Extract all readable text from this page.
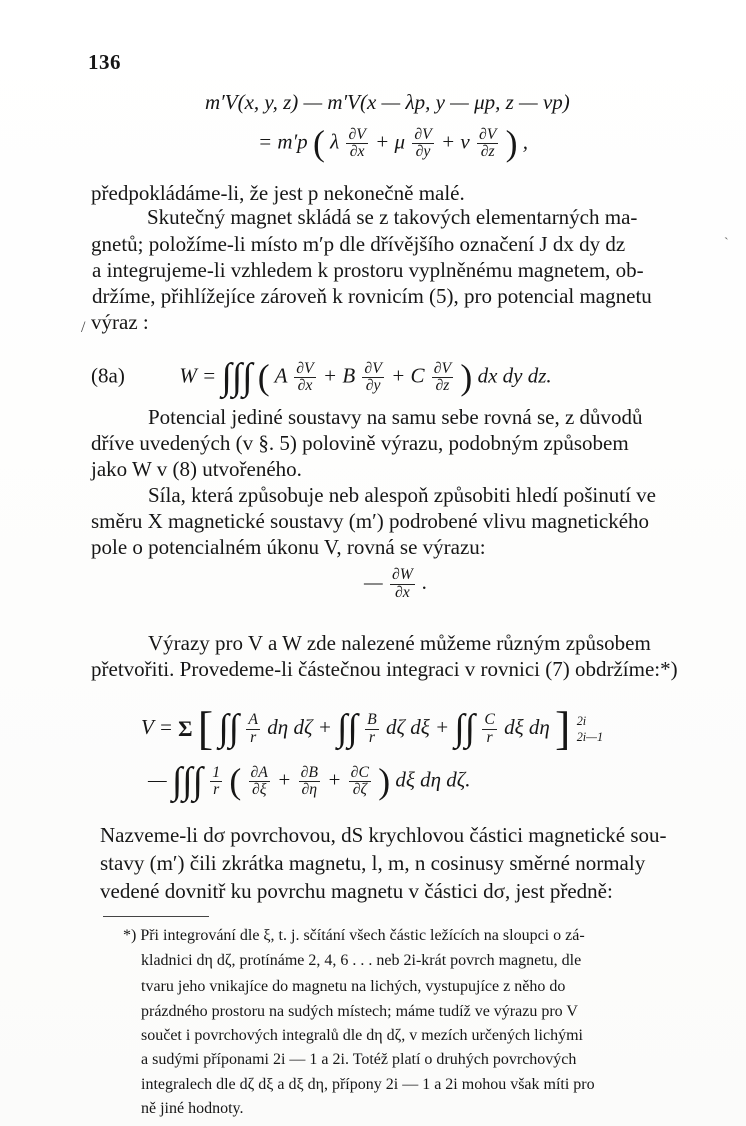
136
m′V(x, y, z) — m′V(x — λp, y — μp, z — νp)
= m′p ( λ $\frac{\partial V}{\partial x} + \mu \frac{\partial V}{\partial y} + \nu \frac{\partial V}{\partial z}$ ) ,
předpokládáme-li, že jest p nekonečně malé.
Skutečný magnet skládá se z takových elementarných ma-
gnetů; položíme-li místo m′p dle dřívějšího označení J dx dy dz
a integrujeme-li vzhledem k prostoru vyplněnému magnetem, ob-
držíme, přihlížejíce zároveň k rovnicím (5), pro potencial magnetu
výraz :
(8a)	W = ∫∫∫ ( A $\frac{\partial V}{\partial x} + B \frac{\partial V}{\partial y} + C \frac{\partial V}{\partial z}$ ) dx dy dz.
Potencial jediné soustavy na samu sebe rovná se, z důvodů
dříve uvedených (v §. 5) polovině výrazu, podobným způsobem
jako W v (8) utvořeného.
Síla, která způsobuje neb alespoň způsobiti hledí pošinutí ve
směru X magnetické soustavy (m′) podrobené vlivu magnetického
pole o potencialném úkonu V, rovná se výrazu:
— $\frac{\partial W}{\partial x}$ .
Výrazy pro V a W zde nalezené můžeme různým způsobem
přetvořiti. Provedeme-li částečnou integraci v rovnici (7) obdržíme:*)
V = Σ [ ∫∫ $\frac{A}{r}$ dη dζ + ∫∫ $\frac{B}{r}$ dζ dξ + ∫∫ $\frac{C}{r}$ dξ dη ] 2i
2i—1
— ∫∫∫ $\frac{1}{r}$ ( $\frac{\partial A}{\partial\xi} + \frac{\partial B}{\partial\eta} + \frac{\partial C}{\partial\zeta}$ ) dξ dη dζ.
Nazveme-li dσ povrchovou, dS krychlovou částici magnetické sou-
stavy (m′) čili zkrátka magnetu, l, m, n cosinusy směrné normaly
vedené dovnitř ku povrchu magnetu v částici dσ, jest předně:
*) Při integrování dle ξ, t. j. sčítání všech částic ležících na sloupci o zá-
kladnici dη dζ, protínáme 2, 4, 6 . . . neb 2i-krát povrch magnetu, dle
tvaru jeho vnikajíce do magnetu na lichých, vystupujíce z něho do
prázdného prostoru na sudých místech; máme tudíž ve výrazu pro V
součet i povrchových integralů dle dη dζ, v mezích určených lichými
a sudými příponami 2i — 1 a 2i. Totéž platí o druhých povrchových
integralech dle dζ dξ a dξ dη, přípony 2i — 1 a 2i mohou však míti pro
ně jiné hodnoty.
ˋ
/
